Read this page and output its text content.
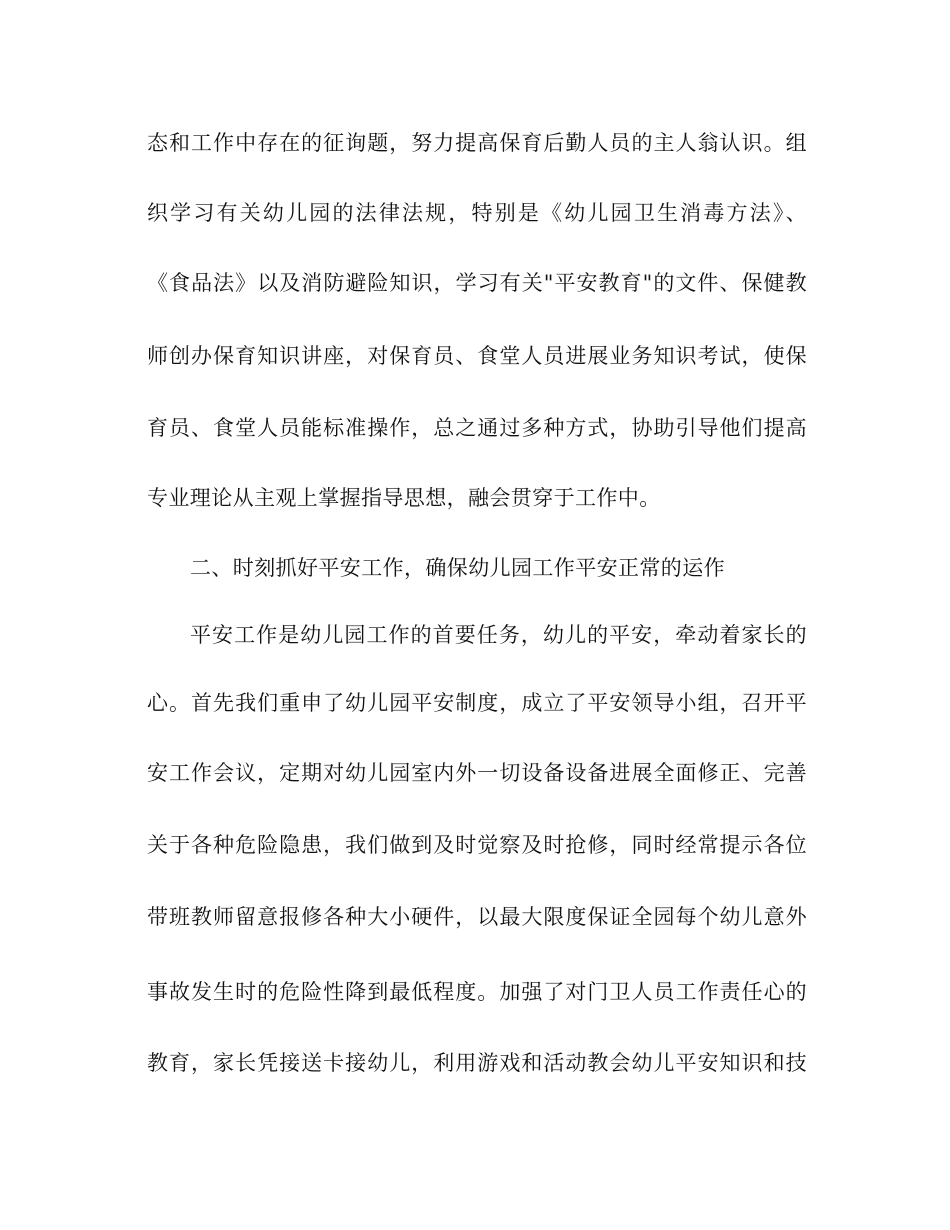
态和工作中存在的征询题，努力提高保育后勤人员的主人翁认识。组
织学习有关幼儿园的法律法规，特别是《幼儿园卫生消毒方法》、
《食品法》以及消防避险知识，学习有关"平安教育"的文件、保健教
师创办保育知识讲座，对保育员、食堂人员进展业务知识考试，使保
育员、食堂人员能标准操作，总之通过多种方式，协助引导他们提高
专业理论从主观上掌握指导思想，融会贯穿于工作中。
二、时刻抓好平安工作，确保幼儿园工作平安正常的运作
平安工作是幼儿园工作的首要任务，幼儿的平安，牵动着家长的
心。首先我们重申了幼儿园平安制度，成立了平安领导小组，召开平
安工作会议，定期对幼儿园室内外一切设备设备进展全面修正、完善
关于各种危险隐患，我们做到及时觉察及时抢修，同时经常提示各位
带班教师留意报修各种大小硬件，以最大限度保证全园每个幼儿意外
事故发生时的危险性降到最低程度。加强了对门卫人员工作责任心的
教育，家长凭接送卡接幼儿，利用游戏和活动教会幼儿平安知识和技
